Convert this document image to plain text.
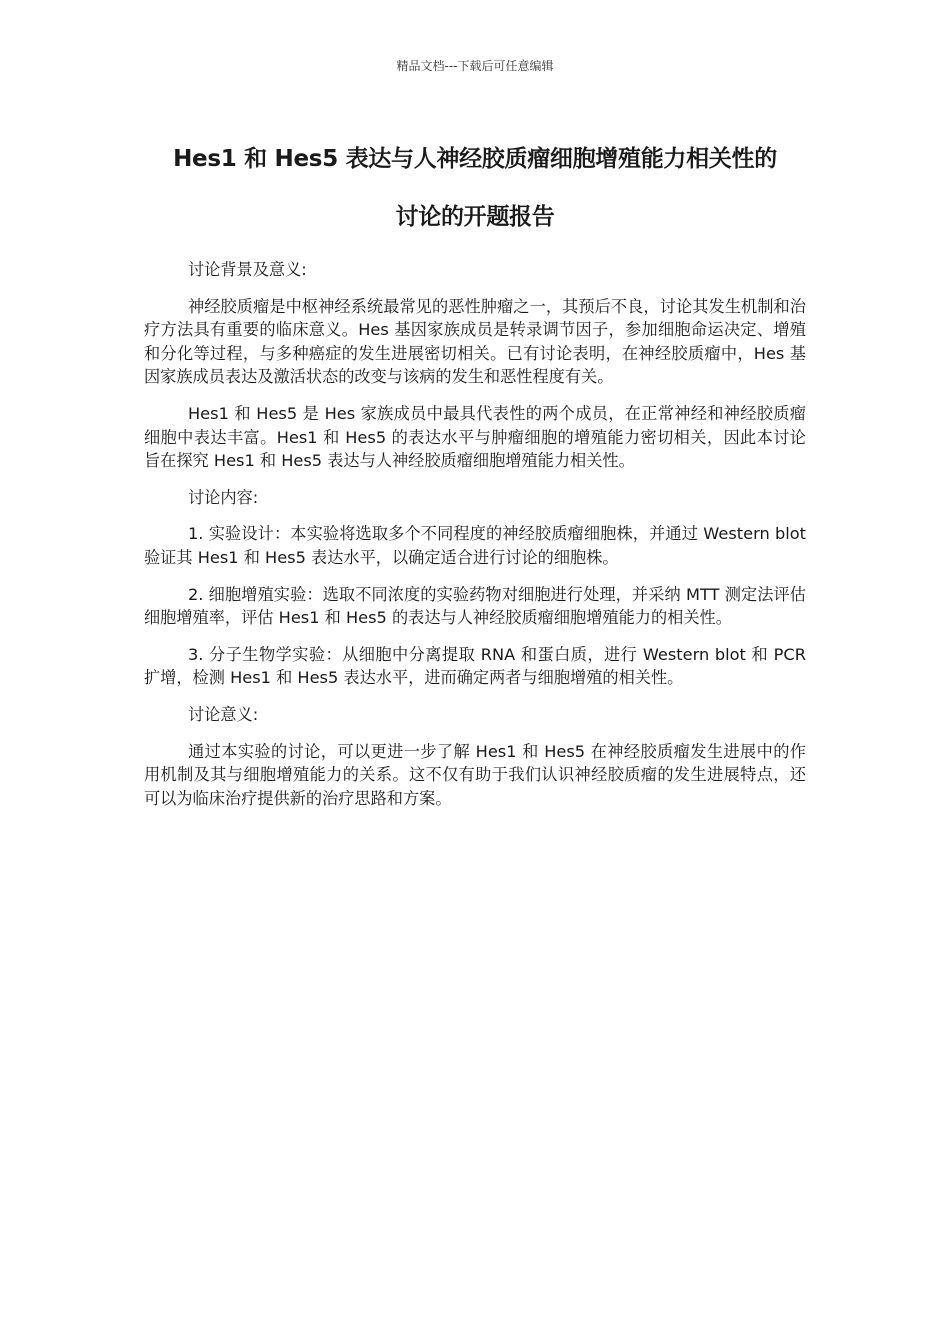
精品文档---下载后可任意编辑
Hes1 和 Hes5 表达与人神经胶质瘤细胞增殖能力相关性的
讨论的开题报告

讨论背景及意义:

神经胶质瘤是中枢神经系统最常见的恶性肿瘤之一，其预后不良，讨论其发生机制和治疗方法具有重要的临床意义。Hes 基因家族成员是转录调节因子，参加细胞命运决定、增殖和分化等过程，与多种癌症的发生进展密切相关。已有讨论表明，在神经胶质瘤中，Hes 基因家族成员表达及激活状态的改变与该病的发生和恶性程度有关。

Hes1 和 Hes5 是 Hes 家族成员中最具代表性的两个成员，在正常神经和神经胶质瘤细胞中表达丰富。Hes1 和 Hes5 的表达水平与肿瘤细胞的增殖能力密切相关，因此本讨论旨在探究 Hes1 和 Hes5 表达与人神经胶质瘤细胞增殖能力相关性。

讨论内容:

1. 实验设计：本实验将选取多个不同程度的神经胶质瘤细胞株，并通过 Western blot 验证其 Hes1 和 Hes5 表达水平，以确定适合进行讨论的细胞株。

2. 细胞增殖实验：选取不同浓度的实验药物对细胞进行处理，并采纳 MTT 测定法评估细胞增殖率，评估 Hes1 和 Hes5 的表达与人神经胶质瘤细胞增殖能力的相关性。

3. 分子生物学实验：从细胞中分离提取 RNA 和蛋白质，进行 Western blot 和 PCR 扩增，检测 Hes1 和 Hes5 表达水平，进而确定两者与细胞增殖的相关性。

讨论意义:

通过本实验的讨论，可以更进一步了解 Hes1 和 Hes5 在神经胶质瘤发生进展中的作用机制及其与细胞增殖能力的关系。这不仅有助于我们认识神经胶质瘤的发生进展特点，还可以为临床治疗提供新的治疗思路和方案。
